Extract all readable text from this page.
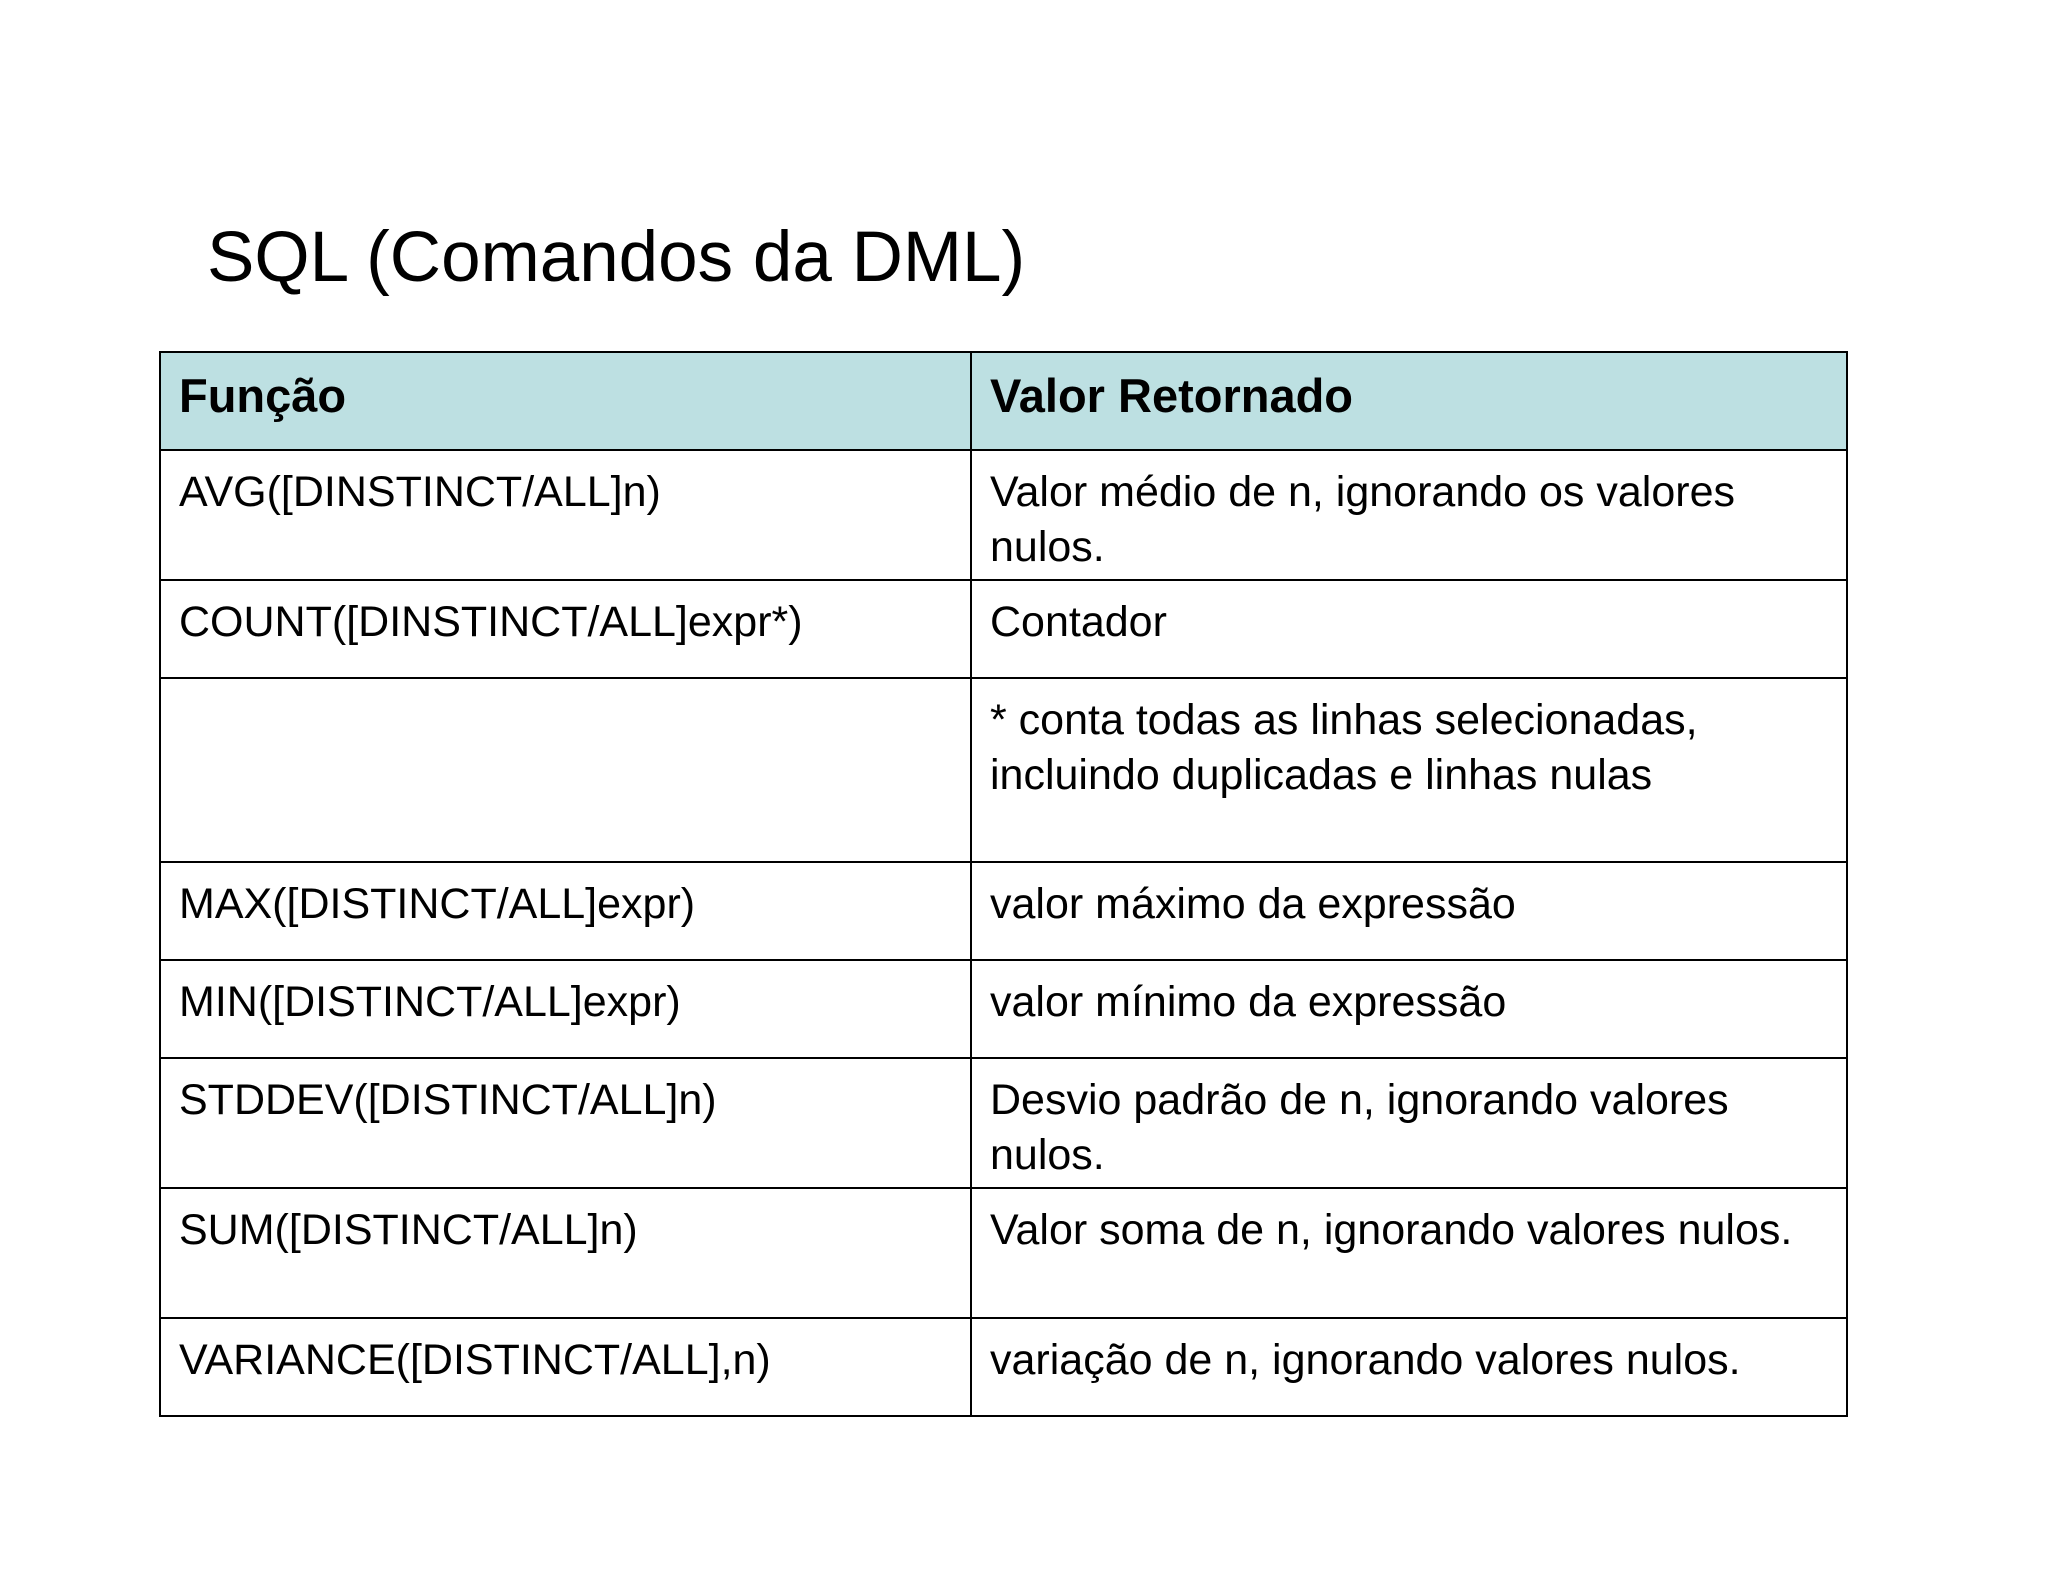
SQL (Comandos da DML)
Função	Valor Retornado
AVG([DINSTINCT/ALL]n)	Valor médio de n, ignorando os valores nulos.
COUNT([DINSTINCT/ALL]expr*)	Contador
	* conta todas as linhas selecionadas, incluindo duplicadas e linhas nulas
MAX([DISTINCT/ALL]expr)	valor máximo da expressão
MIN([DISTINCT/ALL]expr)	valor mínimo da expressão
STDDEV([DISTINCT/ALL]n)	Desvio padrão de n, ignorando valores nulos.
SUM([DISTINCT/ALL]n)	Valor soma de n, ignorando valores nulos.
VARIANCE([DISTINCT/ALL],n)	variação de n, ignorando valores nulos.
